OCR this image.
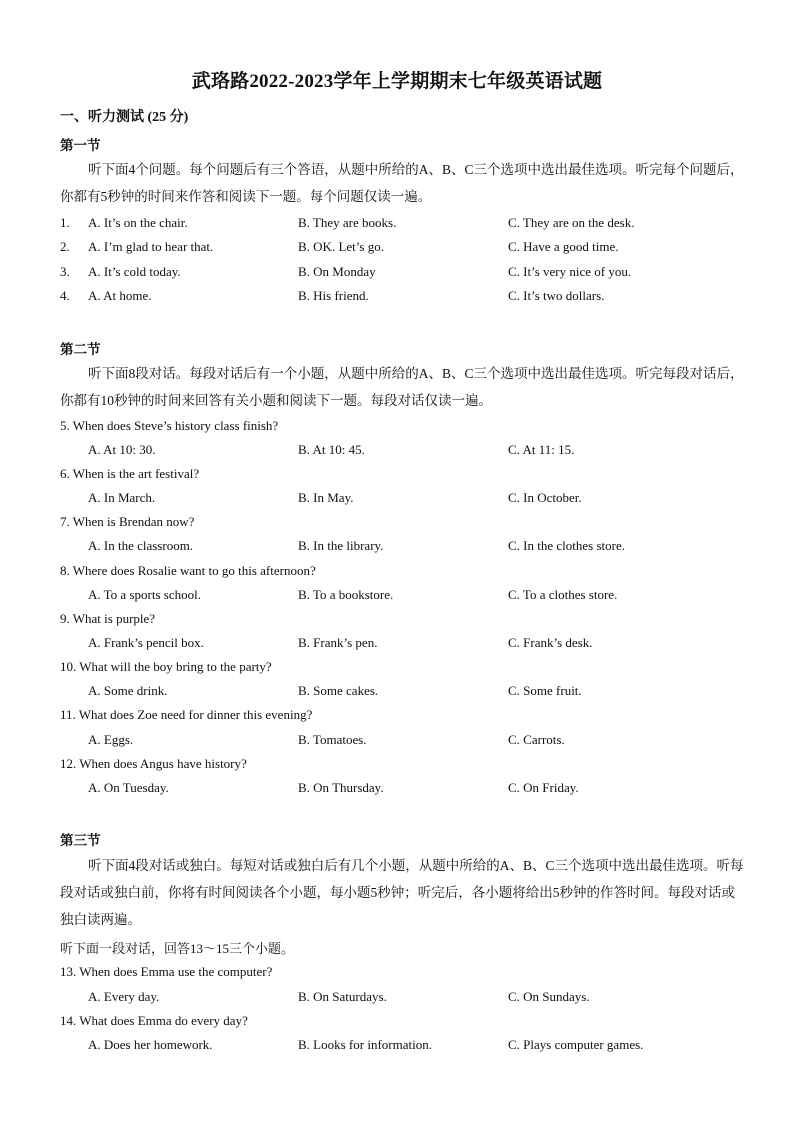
武珞路2022-2023学年上学期期末七年级英语试题
一、听力测试 (25 分)
第一节
听下面4个问题。每个问题后有三个答语，从题中所给的A、B、C三个选项中选出最佳选项。听完每个问题后，你都有5秒钟的时间来作答和阅读下一题。每个问题仅读一遍。
1. A. It’s on the chair.	B. They are books.	C. They are on the desk.
2. A. I’m glad to hear that.	B. OK. Let’s go.	C. Have a good time.
3. A. It’s cold today.	B. On Monday	C. It’s very nice of you.
4. A. At home.	B. His friend.	C. It’s two dollars.
第二节
听下面8段对话。每段对话后有一个小题，从题中所给的A、B、C三个选项中选出最佳选项。听完每段对话后，你都有10秒钟的时间来回答有关小题和阅读下一题。每段对话仅读一遍。
5. When does Steve’s history class finish?
A. At 10: 30.	B. At 10: 45.	C. At 11: 15.
6. When is the art festival?
A. In March.	B. In May.	C. In October.
7. When is Brendan now?
A. In the classroom.	B. In the library.	C. In the clothes store.
8. Where does Rosalie want to go this afternoon?
A. To a sports school.	B. To a bookstore.	C. To a clothes store.
9. What is purple?
A. Frank’s pencil box.	B. Frank’s pen.	C. Frank’s desk.
10. What will the boy bring to the party?
A. Some drink.	B. Some cakes.	C. Some fruit.
11. What does Zoe need for dinner this evening?
A. Eggs.	B. Tomatoes.	C. Carrots.
12. When does Angus have history?
A. On Tuesday.	B. On Thursday.	C. On Friday.
第三节
听下面4段对话或独白。每短对话或独白后有几个小题，从题中所给的A、B、C三个选项中选出最佳选项。听每段对话或独白前，你将有时间阅读各个小题，每小题5秒钟；听完后，各小题将给出5秒钟的作答时间。每段对话或独白读两遍。
听下面一段对话，回答13～15三个小题。
13. When does Emma use the computer?
A. Every day.	B. On Saturdays.	C. On Sundays.
14. What does Emma do every day?
A. Does her homework.	B. Looks for information.	C. Plays computer games.
